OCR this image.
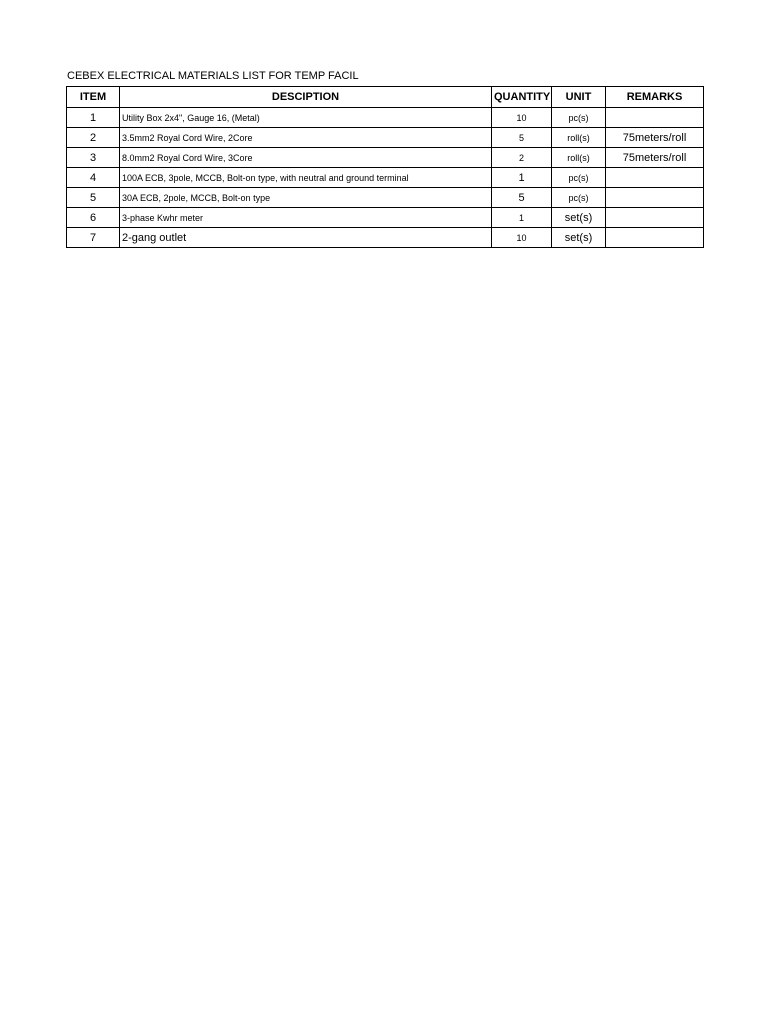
CEBEX ELECTRICAL MATERIALS LIST FOR TEMP FACIL
ITEM	DESCIPTION	QUANTITY	UNIT	REMARKS
1	Utility Box 2x4", Gauge 16, (Metal)	10	pc(s)	
2	3.5mm2 Royal Cord Wire, 2Core	5	roll(s)	75meters/roll
3	8.0mm2 Royal Cord Wire, 3Core	2	roll(s)	75meters/roll
4	100A ECB, 3pole, MCCB, Bolt-on type, with neutral and ground terminal	1	pc(s)	
5	30A ECB, 2pole, MCCB, Bolt-on type	5	pc(s)	
6	3-phase Kwhr meter	1	set(s)	
7	2-gang outlet	10	set(s)	
